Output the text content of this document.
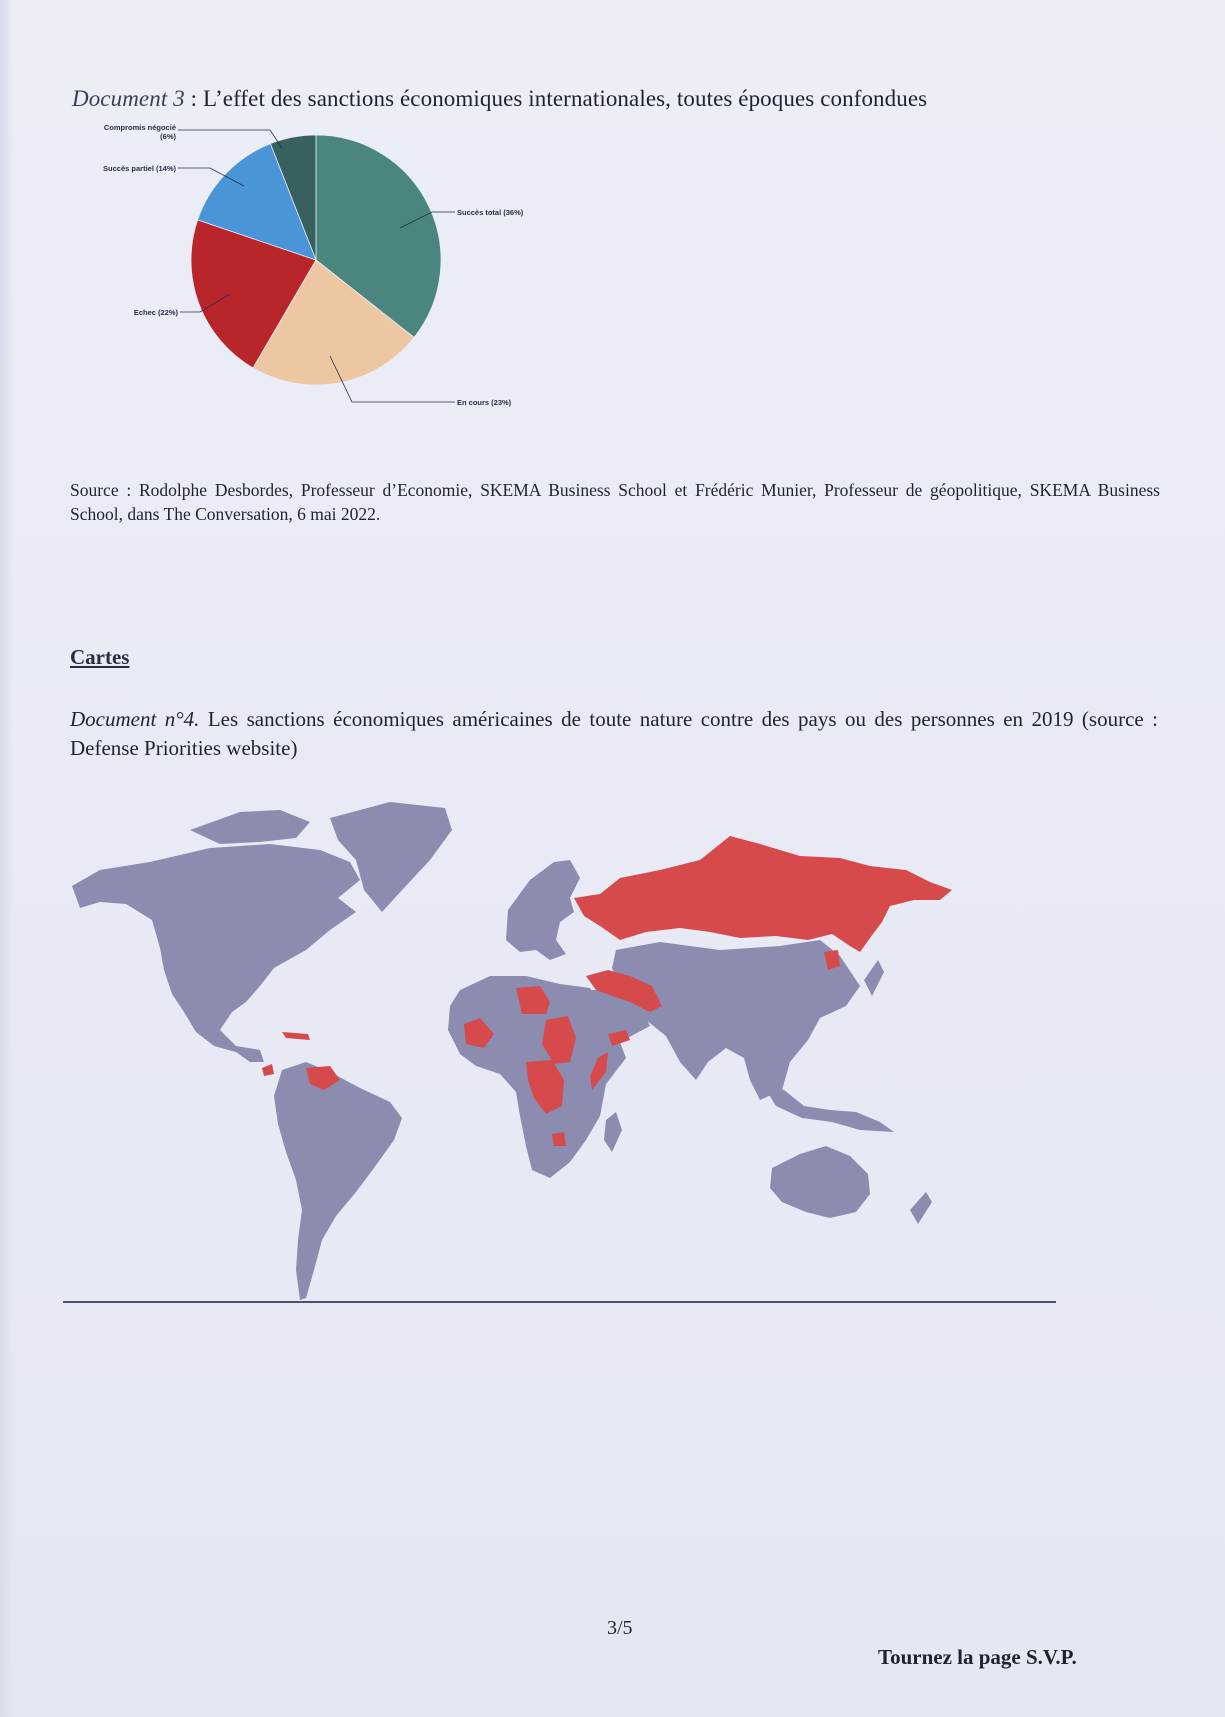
Document 3 : L’effet des sanctions économiques internationales, toutes époques confondues
Succès total (36%)
En cours (23%)
Echec (22%)
Succès partiel (14%)
Compromis négocié
(6%)
Source : Rodolphe Desbordes, Professeur d’Economie, SKEMA Business School et Frédéric Munier, Professeur de géopolitique, SKEMA Business School, dans The Conversation, 6 mai 2022.
Cartes
Document n°4. Les sanctions économiques américaines de toute nature contre des pays ou des personnes en 2019 (source : Defense Priorities website)
3/5
Tournez la page S.V.P.
